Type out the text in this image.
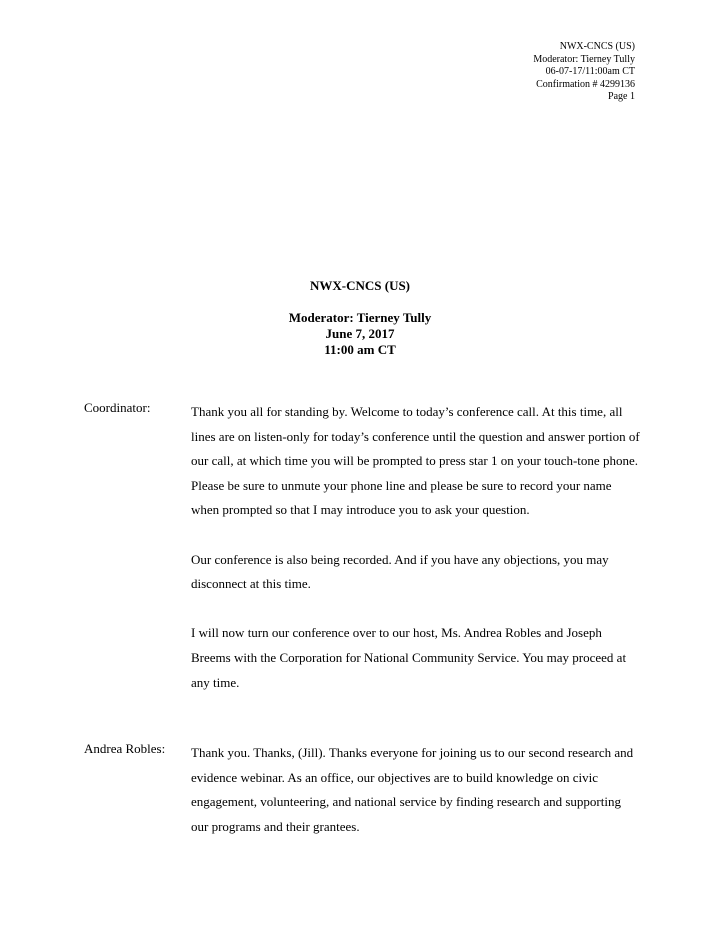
NWX-CNCS (US)
Moderator: Tierney Tully
06-07-17/11:00am CT
Confirmation # 4299136
Page 1
NWX-CNCS (US)
Moderator: Tierney Tully
June 7, 2017
11:00 am CT
Coordinator:	Thank you all for standing by. Welcome to today’s conference call. At this time, all lines are on listen-only for today’s conference until the question and answer portion of our call, at which time you will be prompted to press star 1 on your touch-tone phone. Please be sure to unmute your phone line and please be sure to record your name when prompted so that I may introduce you to ask your question.

Our conference is also being recorded. And if you have any objections, you may disconnect at this time.

I will now turn our conference over to our host, Ms. Andrea Robles and Joseph Breems with the Corporation for National Community Service. You may proceed at any time.

Andrea Robles: Thank you. Thanks, (Jill). Thanks everyone for joining us to our second research and evidence webinar. As an office, our objectives are to build knowledge on civic engagement, volunteering, and national service by finding research and supporting our programs and their grantees.
